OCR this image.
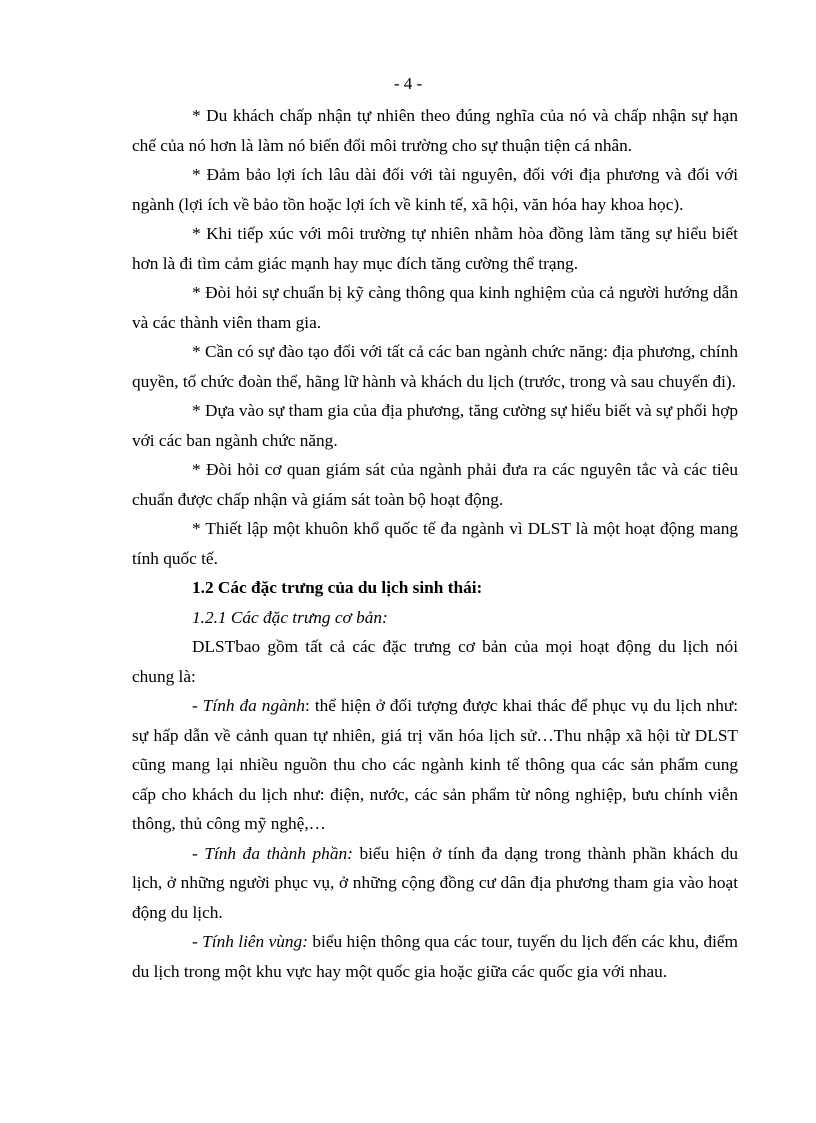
- 4 -

* Du khách chấp nhận tự nhiên theo đúng nghĩa của nó và chấp nhận sự hạn chế của nó hơn là làm nó biến đổi môi trường cho sự thuận tiện cá nhân.

* Đảm bảo lợi ích lâu dài đối với tài nguyên, đối với địa phương và đối với ngành (lợi ích về bảo tồn hoặc lợi ích về kinh tế, xã hội, văn hóa hay khoa học).

* Khi tiếp xúc với môi trường tự nhiên nhằm hòa đồng làm tăng sự hiểu biết hơn là đi tìm cảm giác mạnh hay mục đích tăng cường thể trạng.

* Đòi hỏi sự chuẩn bị kỹ càng thông qua kinh nghiệm của cả người hướng dẫn và các thành viên tham gia.

* Cần có sự đào tạo đối với tất cả các ban ngành chức năng: địa phương, chính quyền, tổ chức đoàn thể, hãng lữ hành và khách du lịch (trước, trong và sau chuyến đi).

* Dựa vào sự tham gia của địa phương, tăng cường sự hiểu biết và sự phối hợp với các ban ngành chức năng.

* Đòi hỏi cơ quan giám sát của ngành phải đưa ra các nguyên tắc và các tiêu chuẩn được chấp nhận và giám sát toàn bộ hoạt động.

* Thiết lập một khuôn khổ quốc tế đa ngành vì DLST là một hoạt động mang tính quốc tế.

1.2 Các đặc trưng của du lịch sinh thái:

1.2.1 Các đặc trưng cơ bản:

DLSTbao gồm tất cả các đặc trưng cơ bản của mọi hoạt động du lịch nói chung là:

- Tính đa ngành: thể hiện ở đối tượng được khai thác để phục vụ du lịch như: sự hấp dẫn về cảnh quan tự nhiên, giá trị văn hóa lịch sử…Thu nhập xã hội từ DLST cũng mang lại nhiều nguồn thu cho các ngành kinh tế thông qua các sản phẩm cung cấp cho khách du lịch như: điện, nước, các sản phẩm từ nông nghiệp, bưu chính viễn thông, thủ công mỹ nghệ,…

- Tính đa thành phần: biểu hiện ở tính đa dạng trong thành phần khách du lịch, ở những người phục vụ, ở những cộng đồng cư dân địa phương tham gia vào hoạt động du lịch.

- Tính liên vùng: biểu hiện thông qua các tour, tuyến du lịch đến các khu, điểm du lịch trong một khu vực hay một quốc gia hoặc giữa các quốc gia với nhau.
